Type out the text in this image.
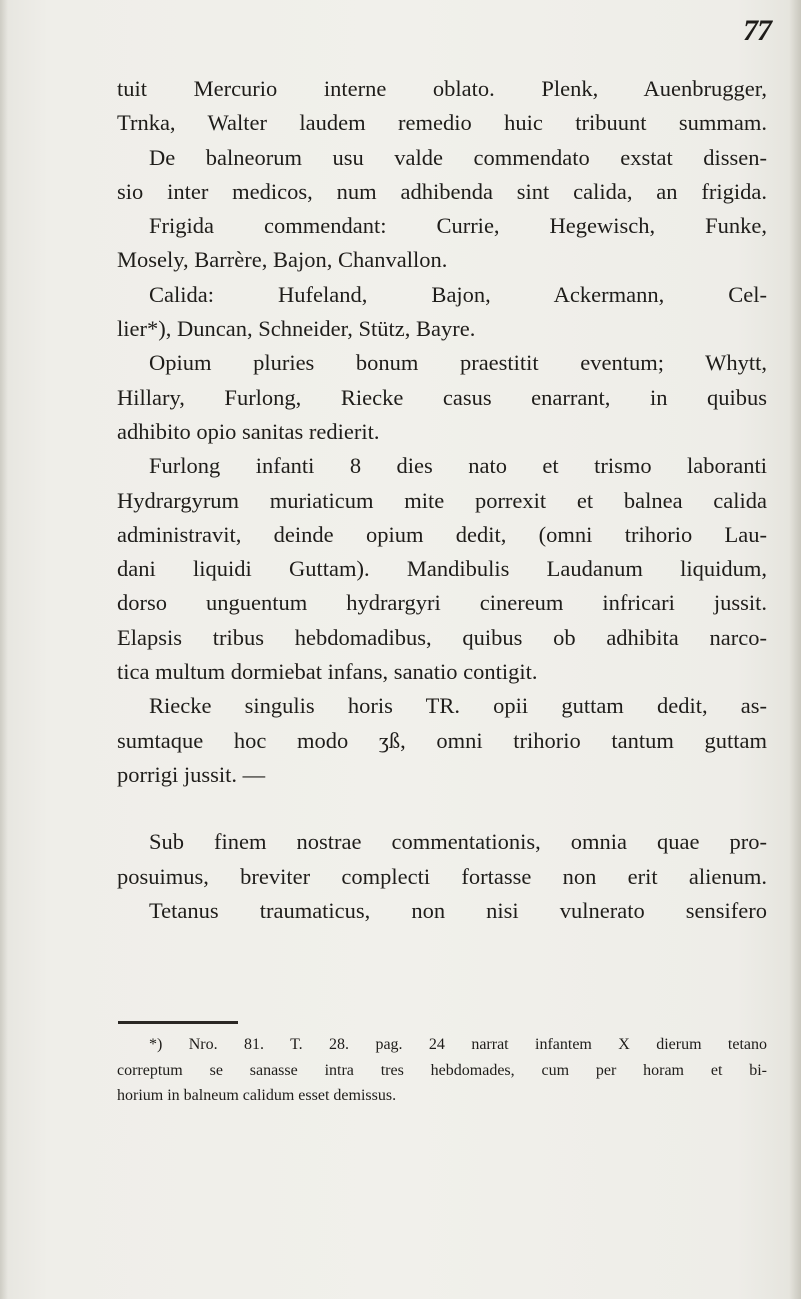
77
tuit Mercurio interne oblato. Plenk, Auenbrugger,
Trnka, Walter laudem remedio huic tribuunt summam.
De balneorum usu valde commendato exstat dissen-
sio inter medicos, num adhibenda sint calida, an frigida.
Frigida commendant: Currie, Hegewisch, Funke,
Mosely, Barrère, Bajon, Chanvallon.
Calida: Hufeland, Bajon, Ackermann, Cel-
lier*), Duncan, Schneider, Stütz, Bayre.
Opium pluries bonum praestitit eventum; Whytt,
Hillary, Furlong, Riecke casus enarrant, in quibus
adhibito opio sanitas redierit.
Furlong infanti 8 dies nato et trismo laboranti
Hydrargyrum muriaticum mite porrexit et balnea calida
administravit, deinde opium dedit, (omni trihorio Lau-
dani liquidi Guttam). Mandibulis Laudanum liquidum,
dorso unguentum hydrargyri cinereum infricari jussit.
Elapsis tribus hebdomadibus, quibus ob adhibita narco-
tica multum dormiebat infans, sanatio contigit.
Riecke singulis horis TR. opii guttam dedit, as-
sumtaque hoc modo ʒß, omni trihorio tantum guttam
porrigi jussit. —
Sub finem nostrae commentationis, omnia quae pro-
posuimus, breviter complecti fortasse non erit alienum.
Tetanus traumaticus, non nisi vulnerato sensifero
*) Nro. 81. T. 28. pag. 24 narrat infantem X dierum tetano
correptum se sanasse intra tres hebdomades, cum per horam et bi-
horium in balneum calidum esset demissus.
